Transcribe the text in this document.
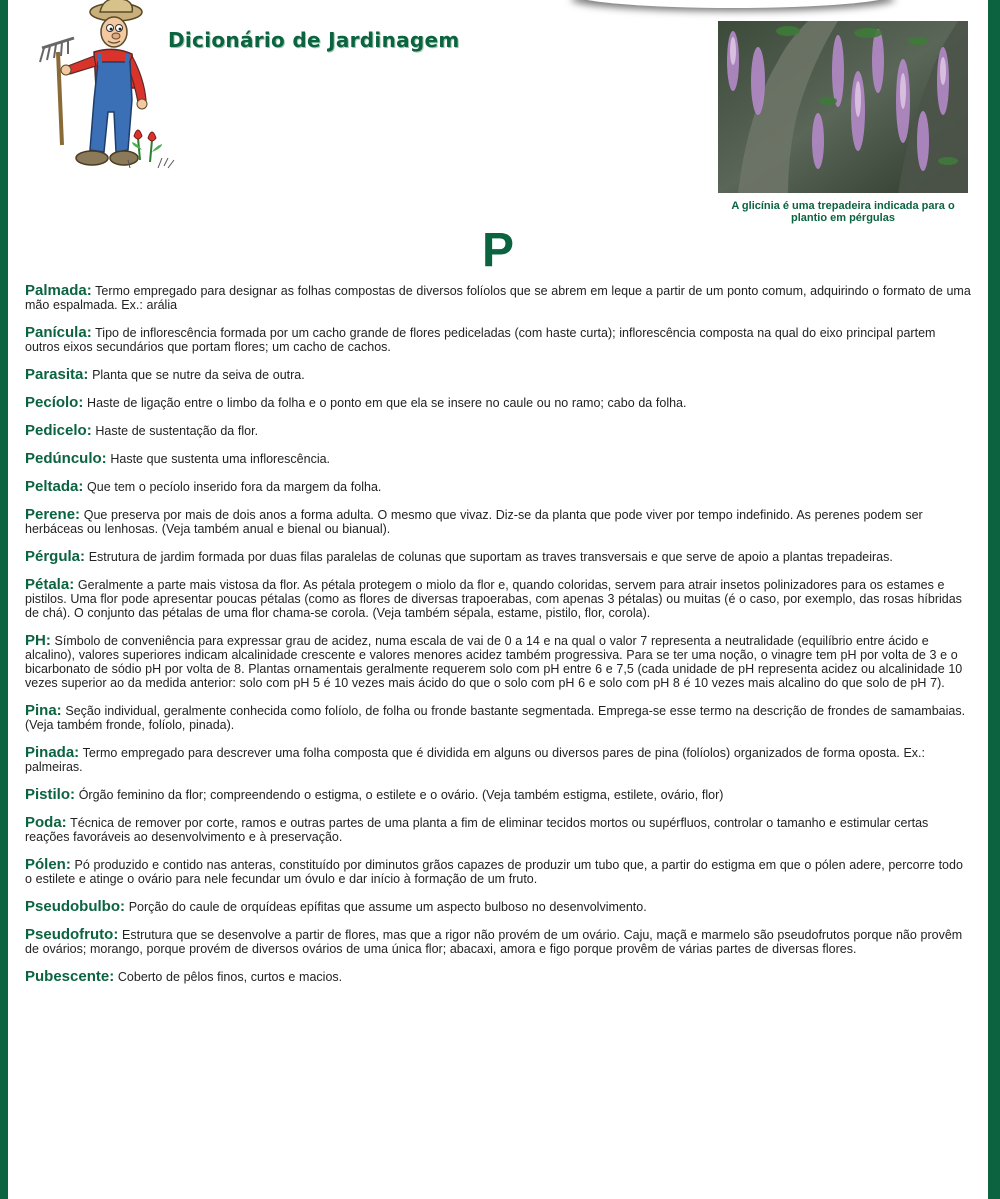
Dicionário de Jardinagem
A glicínia é uma trepadeira indicada para o plantio em pérgulas
P

Palmada: Termo empregado para designar as folhas compostas de diversos folíolos que se abrem em leque a partir de um ponto comum, adquirindo o formato de uma mão espalmada. Ex.: arália

Panícula: Tipo de inflorescência formada por um cacho grande de flores pediceladas (com haste curta); inflorescência composta na qual do eixo principal partem outros eixos secundários que portam flores; um cacho de cachos.

Parasita: Planta que se nutre da seiva de outra.

Pecíolo: Haste de ligação entre o limbo da folha e o ponto em que ela se insere no caule ou no ramo; cabo da folha.

Pedicelo: Haste de sustentação da flor.

Pedúnculo: Haste que sustenta uma inflorescência.

Peltada: Que tem o pecíolo inserido fora da margem da folha.

Perene: Que preserva por mais de dois anos a forma adulta. O mesmo que vivaz. Diz-se da planta que pode viver por tempo indefinido. As perenes podem ser herbáceas ou lenhosas. (Veja também anual e bienal ou bianual).

Pérgula: Estrutura de jardim formada por duas filas paralelas de colunas que suportam as traves transversais e que serve de apoio a plantas trepadeiras.

Pétala: Geralmente a parte mais vistosa da flor. As pétala protegem o miolo da flor e, quando coloridas, servem para atrair insetos polinizadores para os estames e pistilos. Uma flor pode apresentar poucas pétalas (como as flores de diversas trapoerabas, com apenas 3 pétalas) ou muitas (é o caso, por exemplo, das rosas híbridas de chá). O conjunto das pétalas de uma flor chama-se corola. (Veja também sépala, estame, pistilo, flor, corola).

PH: Símbolo de conveniência para expressar grau de acidez, numa escala de vai de 0 a 14 e na qual o valor 7 representa a neutralidade (equilíbrio entre ácido e alcalino), valores superiores indicam alcalinidade crescente e valores menores acidez também progressiva. Para se ter uma noção, o vinagre tem pH por volta de 3 e o bicarbonato de sódio pH por volta de 8. Plantas ornamentais geralmente requerem solo com pH entre 6 e 7,5 (cada unidade de pH representa acidez ou alcalinidade 10 vezes superior ao da medida anterior: solo com pH 5 é 10 vezes mais ácido do que o solo com pH 6 e solo com pH 8 é 10 vezes mais alcalino do que solo de pH 7).

Pina: Seção individual, geralmente conhecida como folíolo, de folha ou fronde bastante segmentada. Emprega-se esse termo na descrição de frondes de samambaias. (Veja também fronde, folíolo, pinada).

Pinada: Termo empregado para descrever uma folha composta que é dividida em alguns ou diversos pares de pina (folíolos) organizados de forma oposta. Ex.: palmeiras.

Pistilo: Órgão feminino da flor; compreendendo o estigma, o estilete e o ovário. (Veja também estigma, estilete, ovário, flor)

Poda: Técnica de remover por corte, ramos e outras partes de uma planta a fim de eliminar tecidos mortos ou supérfluos, controlar o tamanho e estimular certas reações favoráveis ao desenvolvimento e à preservação.

Pólen: Pó produzido e contido nas anteras, constituído por diminutos grãos capazes de produzir um tubo que, a partir do estigma em que o pólen adere, percorre todo o estilete e atinge o ovário para nele fecundar um óvulo e dar início à formação de um fruto.

Pseudobulbo: Porção do caule de orquídeas epífitas que assume um aspecto bulboso no desenvolvimento.

Pseudofruto: Estrutura que se desenvolve a partir de flores, mas que a rigor não provém de um ovário. Caju, maçã e marmelo são pseudofrutos porque não provêm de ovários; morango, porque provém de diversos ovários de uma única flor; abacaxi, amora e figo porque provêm de várias partes de diversas flores.

Pubescente: Coberto de pêlos finos, curtos e macios.
